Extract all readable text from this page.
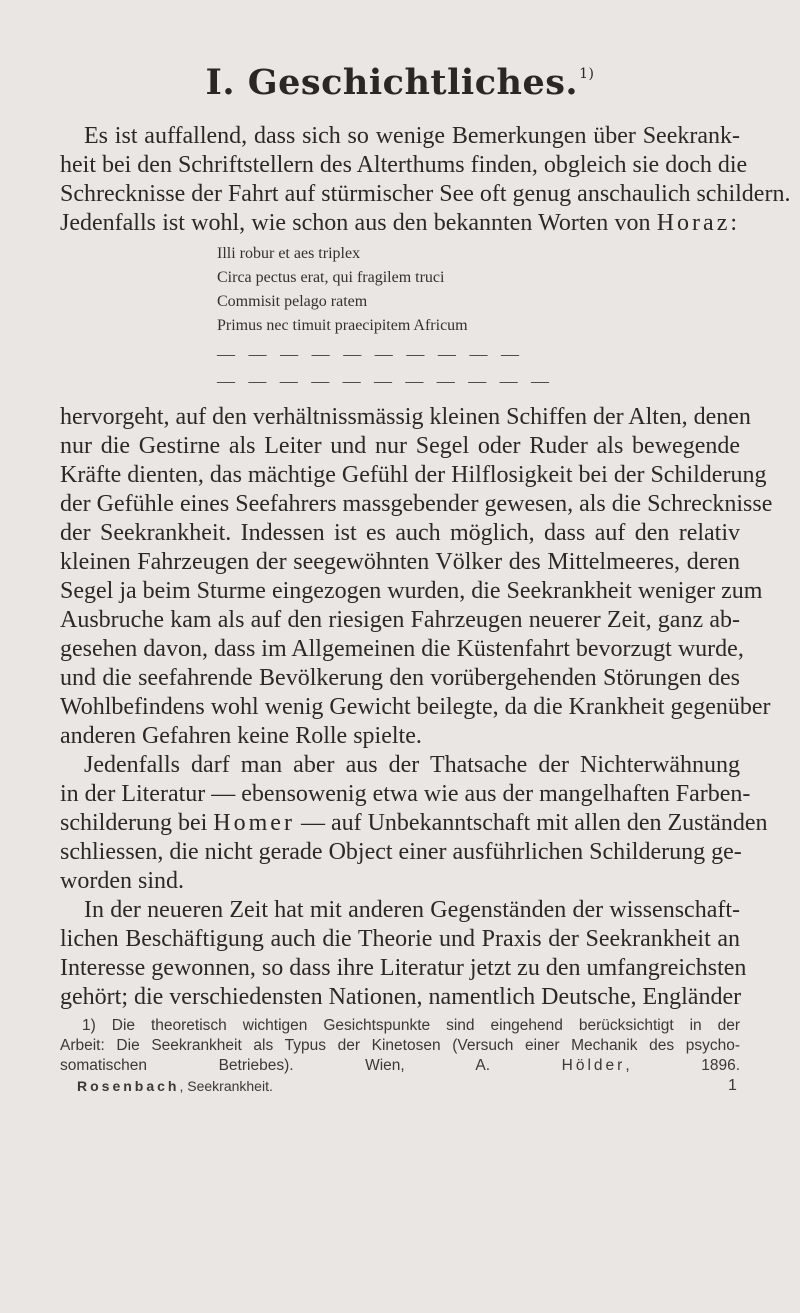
I. Geschichtliches.$^{1)}$
Es ist auffallend, dass sich so wenige Bemerkungen über Seekrank-
heit bei den Schriftstellern des Alterthums finden, obgleich sie doch die
Schrecknisse der Fahrt auf stürmischer See oft genug anschaulich schildern.
Jedenfalls ist wohl, wie schon aus den bekannten Worten von Horaz:
Illi robur et aes triplex
Circa pectus erat, qui fragilem truci
Commisit pelago ratem
Primus nec timuit praecipitem Africum
— — — — — — — — — —
— — — — — — — — — — —
hervorgeht, auf den verhältnissmässig kleinen Schiffen der Alten, denen
nur die Gestirne als Leiter und nur Segel oder Ruder als bewegende
Kräfte dienten, das mächtige Gefühl der Hilflosigkeit bei der Schilderung
der Gefühle eines Seefahrers massgebender gewesen, als die Schrecknisse
der Seekrankheit. Indessen ist es auch möglich, dass auf den relativ
kleinen Fahrzeugen der seegewöhnten Völker des Mittelmeeres, deren
Segel ja beim Sturme eingezogen wurden, die Seekrankheit weniger zum
Ausbruche kam als auf den riesigen Fahrzeugen neuerer Zeit, ganz ab-
gesehen davon, dass im Allgemeinen die Küstenfahrt bevorzugt wurde,
und die seefahrende Bevölkerung den vorübergehenden Störungen des
Wohlbefindens wohl wenig Gewicht beilegte, da die Krankheit gegenüber
anderen Gefahren keine Rolle spielte.
Jedenfalls darf man aber aus der Thatsache der Nichterwähnung
in der Literatur — ebensowenig etwa wie aus der mangelhaften Farben-
schilderung bei Homer — auf Unbekanntschaft mit allen den Zuständen
schliessen, die nicht gerade Object einer ausführlichen Schilderung ge-
worden sind.
In der neueren Zeit hat mit anderen Gegenständen der wissenschaft-
lichen Beschäftigung auch die Theorie und Praxis der Seekrankheit an
Interesse gewonnen, so dass ihre Literatur jetzt zu den umfangreichsten
gehört; die verschiedensten Nationen, namentlich Deutsche, Engländer
1) Die theoretisch wichtigen Gesichtspunkte sind eingehend berücksichtigt in der
Arbeit: Die Seekrankheit als Typus der Kinetosen (Versuch einer Mechanik des psycho-
somatischen Betriebes). Wien, A.	Hölder, 1896.
Rosenbach, Seekrankheit.	1
